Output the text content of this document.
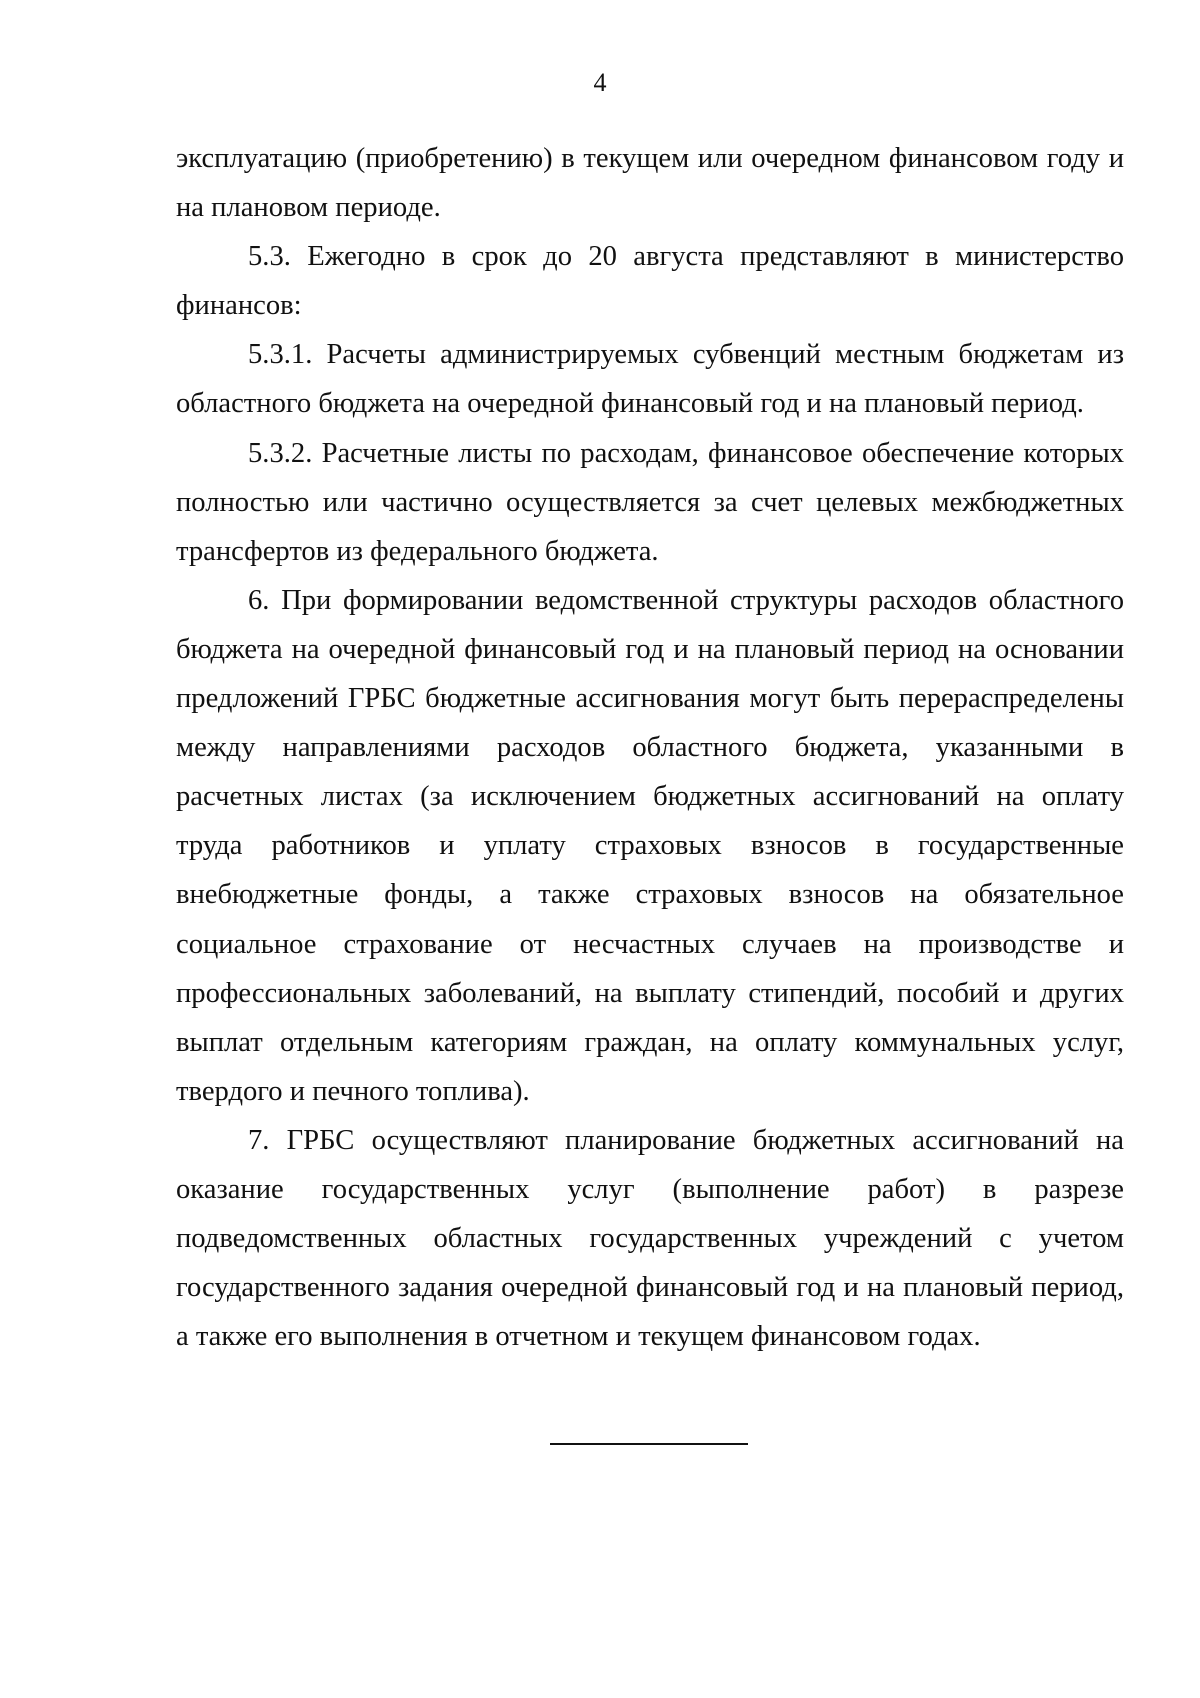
4

эксплуатацию (приобретению) в текущем или очередном финансовом году и на плановом периоде.

5.3. Ежегодно в срок до 20 августа представляют в министерство финансов:

5.3.1. Расчеты администрируемых субвенций местным бюджетам из областного бюджета на очередной финансовый год и на плановый период.

5.3.2. Расчетные листы по расходам, финансовое обеспечение которых полностью или частично осуществляется за счет целевых межбюджетных трансфертов из федерального бюджета.

6. При формировании ведомственной структуры расходов областного бюджета на очередной финансовый год и на плановый период на основании предложений ГРБС бюджетные ассигнования могут быть перераспределены между направлениями расходов областного бюджета, указанными в расчетных листах (за исключением бюджетных ассигнований на оплату труда работников и уплату страховых взносов в государственные внебюджетные фонды, а также страховых взносов на обязательное социальное страхование от несчастных случаев на производстве и профессиональных заболеваний, на выплату стипендий, пособий и других выплат отдельным категориям граждан, на оплату коммунальных услуг, твердого и печного топлива).

7. ГРБС осуществляют планирование бюджетных ассигнований на оказание государственных услуг (выполнение работ) в разрезе подведомственных областных государственных учреждений с учетом государственного задания очередной финансовый год и на плановый период, а также его выполнения в отчетном и текущем финансовом годах.
